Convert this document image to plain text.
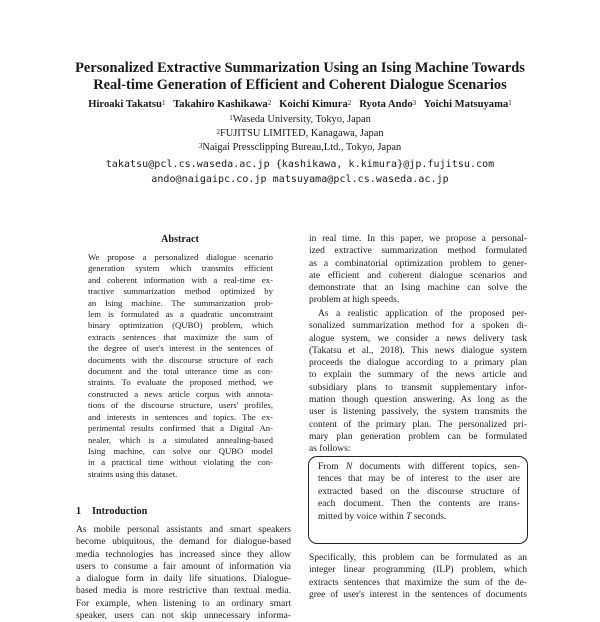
Personalized Extractive Summarization Using an Ising Machine Towards
Real-time Generation of Efficient and Coherent Dialogue Scenarios
Hiroaki Takatsu$^1$ Takahiro Kashikawa$^2$ Koichi Kimura$^2$ Ryota Ando$^3$ Yoichi Matsuyama$^1$
$^1$Waseda University, Tokyo, Japan
$^2$FUJITSU LIMITED, Kanagawa, Japan
$^3$Naigai Pressclipping Bureau,Ltd., Tokyo, Japan
takatsu@pcl.cs.waseda.ac.jp {kashikawa, k.kimura}@jp.fujitsu.com
ando@naigaipc.co.jp matsuyama@pcl.cs.waseda.ac.jp
Abstract
We propose a personalized dialogue scenario
generation system which transmits efficient
and coherent information with a real-time ex-
tractive summarization method optimized by
an Ising machine. The summarization prob-
lem is formulated as a quadratic unconstraint
binary optimization (QUBO) problem, which
extracts sentences that maximize the sum of
the degree of user's interest in the sentences of
documents with the discourse structure of each
document and the total utterance time as con-
straints. To evaluate the proposed method, we
constructed a news article corpus with annota-
tions of the discourse structure, users' profiles,
and interests in sentences and topics. The ex-
perimental results confirmed that a Digital An-
nealer, which is a simulated annealing-based
Ising machine, can solve our QUBO model
in a practical time without violating the con-
straints using this dataset.
1 Introduction
As mobile personal assistants and smart speakers
become ubiquitous, the demand for dialogue-based
media technologies has increased since they allow
users to consume a fair amount of information via
a dialogue form in daily life situations. Dialogue-
based media is more restrictive than textual media.
For example, when listening to an ordinary smart
speaker, users can not skip unnecessary informa-
in real time. In this paper, we propose a personal-
ized extractive summarization method formulated
as a combinatorial optimization problem to gener-
ate efficient and coherent dialogue scenarios and
demonstrate that an Ising machine can solve the
problem at high speeds.
As a realistic application of the proposed per-
sonalized summarization method for a spoken di-
alogue system, we consider a news delivery task
(Takatsu et al., 2018). This news dialogue system
proceeds the dialogue according to a primary plan
to explain the summary of the news article and
subsidiary plans to transmit supplementary infor-
mation though question answering. As long as the
user is listening passively, the system transmits the
content of the primary plan. The personalized pri-
mary plan generation problem can be formulated
as follows:
From N documents with different topics, sen-
tences that may be of interest to the user are
extracted based on the discourse structure of
each document. Then the contents are trans-
mitted by voice within T seconds.
Specifically, this problem can be formulated as an
integer linear programming (ILP) problem, which
extracts sentences that maximize the sum of the de-
gree of user's interest in the sentences of documents
